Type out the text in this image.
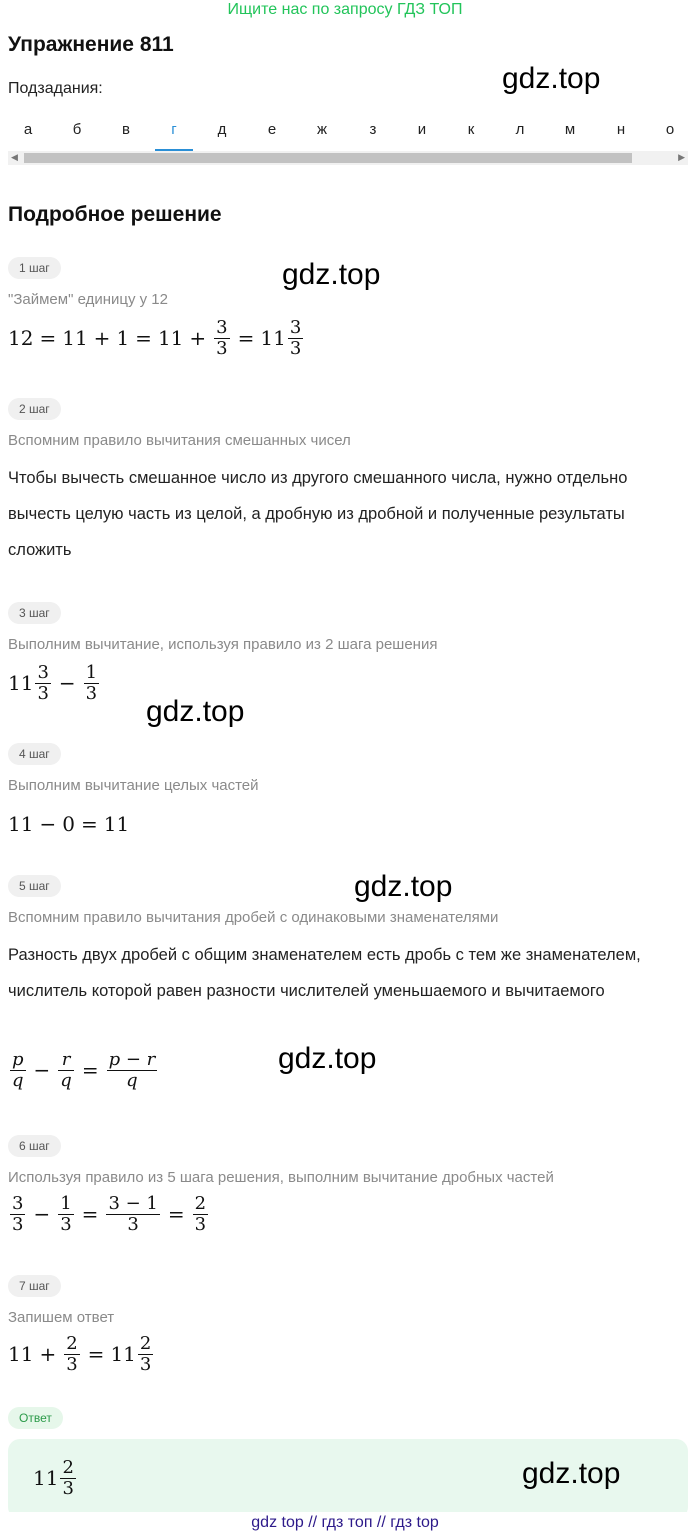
Ищите нас по запросу ГДЗ ТОП
Упражнение 811
Подзадания:	gdz.top
а	б	в	г	д	е	ж	з	и	к	л	м	н	о
◀	▶
Подробное решение
1 шаг	gdz.top
"Займем" единицу у 12
$12 = 11 + 1 = 11 + \frac{3}{3} = 11 \frac{3}{3}$
2 шаг
Вспомним правило вычитания смешанных чисел
Чтобы вычесть смешанное число из другого смешанного числа, нужно отдельно вычесть целую часть из целой, а дробную из дробной и полученные результаты сложить
3 шаг
Выполним вычитание, используя правило из 2 шага решения
$11 \frac{3}{3} - \frac{1}{3}$
gdz.top
4 шаг
Выполним вычитание целых частей
11 − 0 = 11
5 шаг	gdz.top
Вспомним правило вычитания дробей с одинаковыми знаменателями
Разность двух дробей с общим знаменателем есть дробь с тем же знаменателем, числитель которой равен разности числителей уменьшаемого и вычитаемого
$\frac{p}{q} - \frac{r}{q} = \frac{p - r}{q}$	gdz.top
6 шаг
Используя правило из 5 шага решения, выполним вычитание дробных частей
$\frac{3}{3} - \frac{1}{3} = \frac{3 - 1}{3} = \frac{2}{3}$
7 шаг
Запишем ответ
$11 + \frac{2}{3} = 11 \frac{2}{3}$
Ответ
$11 \frac{2}{3}$	gdz.top
gdz top // гдз топ // гдз top
